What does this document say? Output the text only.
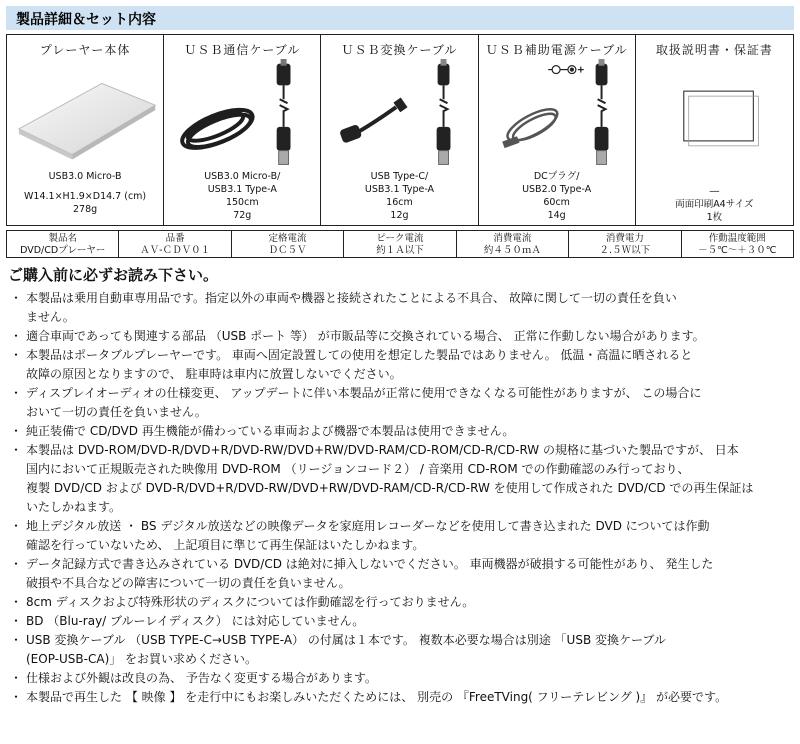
製品詳細＆セット内容
プレーヤー本体
USB3.0 Micro-B
W14.1×H1.9×D14.7 (cm)
278g
ＵＳＢ通信ケーブル
USB3.0 Micro-B/
USB3.1 Type-A
150cm
72g
ＵＳＢ変換ケーブル
USB Type-C/
USB3.1 Type-A
16cm
12g
ＵＳＢ補助電源ケーブル
DCプラグ/
USB2.0 Type-A
60cm
14g
取扱説明書・保証書
―
両面印刷A4サイズ
1枚
製品名
DVD/CDプレーヤー
品番
ＡＶ-ＣＤＶ０１
定格電流
ＤＣ５Ｖ
ピーク電流
約１Ａ以下
消費電流
約４５０ｍＡ
消費電力
２.５Ｗ以下
作動温度範囲
－５℃～＋３０℃
ご購入前に必ずお読み下さい。
・ 本製品は乗用自動車専用品です。指定以外の車両や機器と接続されたことによる不具合、 故障に関して一切の責任を負い
ません。
・ 適合車両であっても関連する部品 （USB ポート 等） が市販品等に交換されている場合、 正常に作動しない場合があります。
・ 本製品はポータブルプレーヤーです。 車両へ固定設置しての使用を想定した製品ではありません。 低温・高温に晒されると
故障の原因となりますので、 駐車時は車内に放置しないでください。
・ ディスプレイオーディオの仕様変更、 アップデートに伴い本製品が正常に使用できなくなる可能性がありますが、 この場合に
おいて一切の責任を負いません。
・ 純正装備で CD/DVD 再生機能が備わっている車両および機器で本製品は使用できません。
・ 本製品は DVD-ROM/DVD-R/DVD+R/DVD-RW/DVD+RW/DVD-RAM/CD-ROM/CD-R/CD-RW の規格に基づいた製品ですが、 日本
国内において正規販売された映像用 DVD-ROM （リージョンコード２） / 音楽用 CD-ROM での作動確認のみ行っており、
複製 DVD/CD および DVD-R/DVD+R/DVD-RW/DVD+RW/DVD-RAM/CD-R/CD-RW を使用して作成された DVD/CD での再生保証は
いたしかねます。
・ 地上デジタル放送 ・ BS デジタル放送などの映像データを家庭用レコーダーなどを使用して書き込まれた DVD については作動
確認を行っていないため、 上記項目に準じて再生保証はいたしかねます。
・ データ記録方式で書き込みされている DVD/CD は絶対に挿入しないでください。 車両機器が破損する可能性があり、 発生した
破損や不具合などの障害について一切の責任を負いません。
・ 8cm ディスクおよび特殊形状のディスクについては作動確認を行っておりません。
・ BD （Blu-ray/ ブルーレイディスク） には対応していません。
・ USB 変換ケーブル （USB TYPE-C→USB TYPE-A） の付属は１本です。 複数本必要な場合は別途 「USB 変換ケーブル
(EOP-USB-CA)」 をお買い求めください。
・ 仕様および外観は改良の為、 予告なく変更する場合があります。
・ 本製品で再生した 【 映像 】 を走行中にもお楽しみいただくためには、 別売の 『FreeTVing( フリーテレビング )』 が必要です。
